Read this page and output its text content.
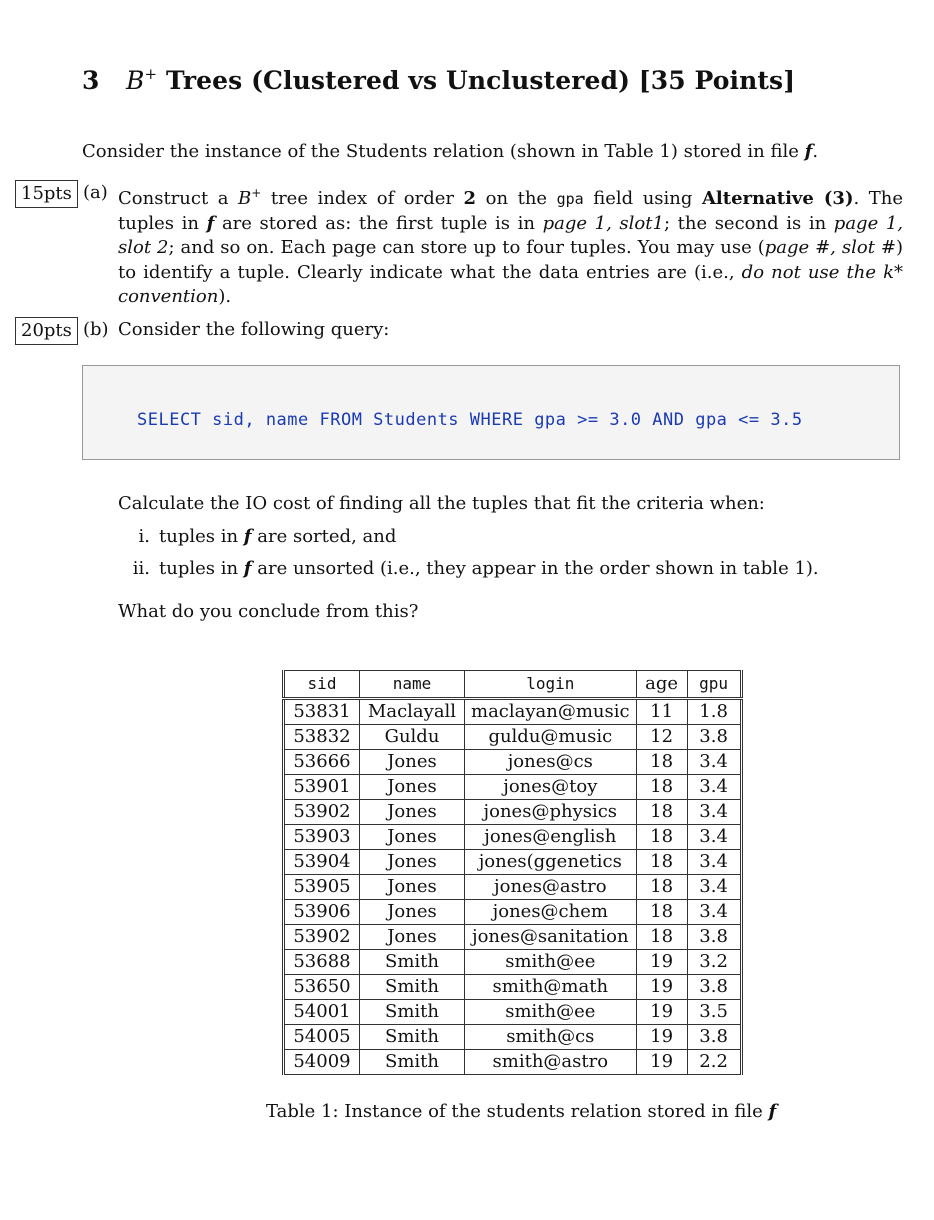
3 B+ Trees (Clustered vs Unclustered) [35 Points]
Consider the instance of the Students relation (shown in Table 1) stored in file f.
15pts (a) Construct a B+ tree index of order 2 on the gpa field using Alternative (3). The tuples in f are stored as: the first tuple is in page 1, slot1; the second is in page 1, slot 2; and so on. Each page can store up to four tuples. You may use (page #, slot #) to identify a tuple. Clearly indicate what the data entries are (i.e., do not use the k* convention).
20pts (b) Consider the following query:
SELECT sid, name FROM Students WHERE gpa >= 3.0 AND gpa <= 3.5
Calculate the IO cost of finding all the tuples that fit the criteria when:
i. tuples in f are sorted, and
ii. tuples in f are unsorted (i.e., they appear in the order shown in table 1).
What do you conclude from this?
sid	name	login	age	gpu
53831	Maclayall	maclayan@music	11	1.8
53832	Guldu	guldu@music	12	3.8
53666	Jones	jones@cs	18	3.4
53901	Jones	jones@toy	18	3.4
53902	Jones	jones@physics	18	3.4
53903	Jones	jones@english	18	3.4
53904	Jones	jones(ggenetics	18	3.4
53905	Jones	jones@astro	18	3.4
53906	Jones	jones@chem	18	3.4
53902	Jones	jones@sanitation	18	3.8
53688	Smith	smith@ee	19	3.2
53650	Smith	smith@math	19	3.8
54001	Smith	smith@ee	19	3.5
54005	Smith	smith@cs	19	3.8
54009	Smith	smith@astro	19	2.2
Table 1: Instance of the students relation stored in file f
